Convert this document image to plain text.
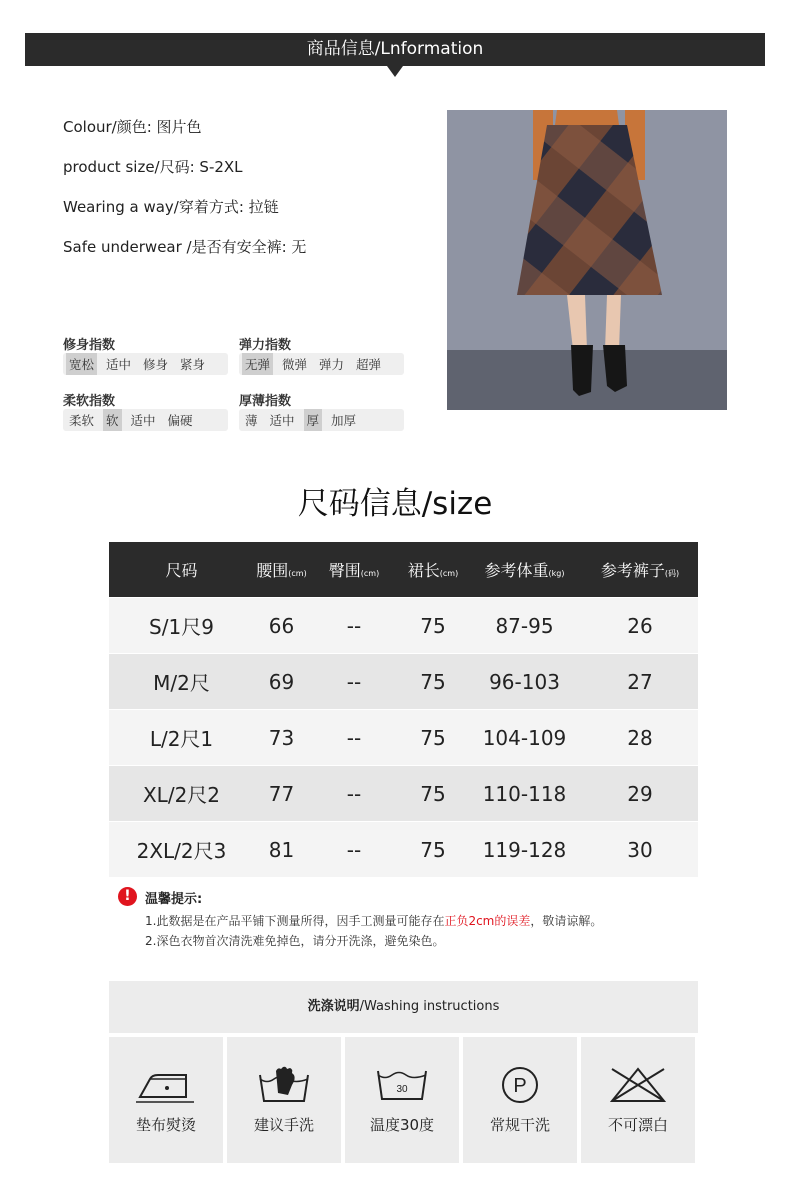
商品信息/Lnformation
Colour/颜色: 图片色
product size/尺码: S-2XL
Wearing a way/穿着方式: 拉链
Safe underwear /是否有安全裤: 无
修身指数
宽松 适中 修身 紧身
弹力指数
无弹 微弹 弹力 超弹
柔软指数
柔软 软 适中 偏硬
厚薄指数
薄 适中 厚 加厚
尺码信息/size
尺码	腰围(cm)	臀围(cm)	裙长(cm)	参考体重(kg)	参考裤子(码)
S/1尺9	66	--	75	87-95	26
M/2尺	69	--	75	96-103	27
L/2尺1	73	--	75	104-109	28
XL/2尺2	77	--	75	110-118	29
2XL/2尺3	81	--	75	119-128	30
!	温馨提示:
1.此数据是在产品平铺下测量所得，因手工测量可能存在正负2cm的误差，敬请谅解。
2.深色衣物首次清洗难免掉色，请分开洗涤，避免染色。
洗涤说明/Washing instructions
垫布熨烫	建议手洗
30
温度30度
P
常规干洗	不可漂白
